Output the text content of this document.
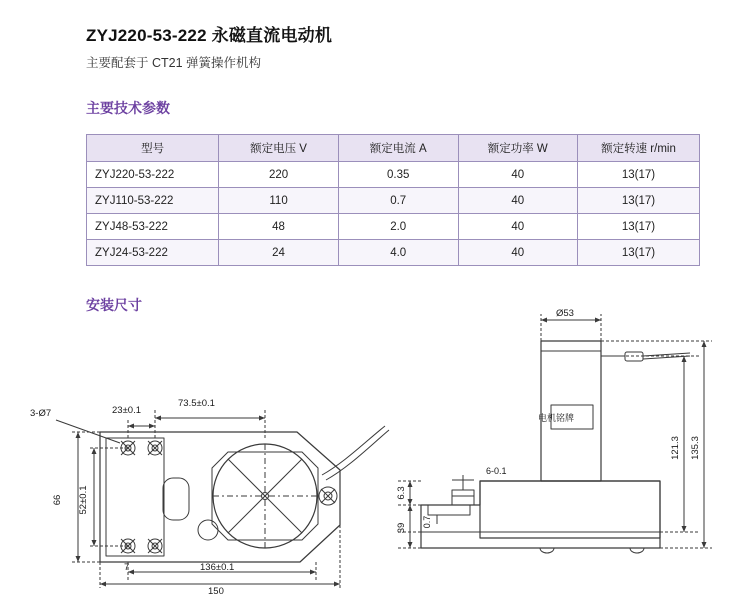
ZYJ220-53-222 永磁直流电动机
主要配套于 CT21 弹簧操作机构
主要技术参数
型号	额定电压 V	额定电流 A	额定功率 W	额定转速 r/min
ZYJ220-53-222	220	0.35	40	13(17)
ZYJ110-53-222	110	0.7	40	13(17)
ZYJ48-53-222	48	2.0	40	13(17)
ZYJ24-53-222	24	4.0	40	13(17)
安装尺寸
3-Ø7	23±0.1
73.5±0.1
66 52±0.1
7	136±0.1
150
Ø53
电机铭牌
121.3 135.3
6.3
39
6-0.1
0.7
